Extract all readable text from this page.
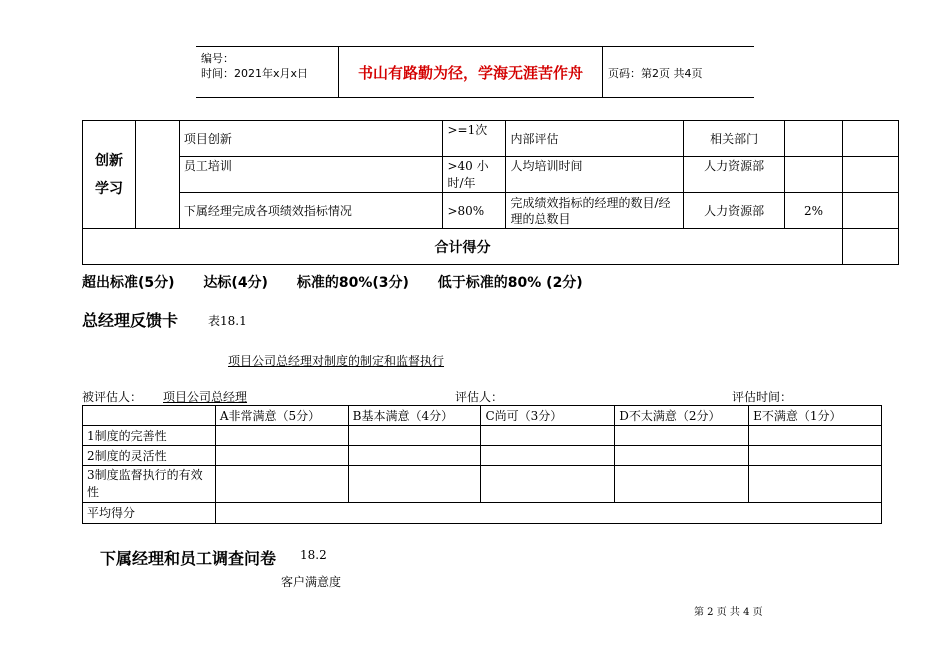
编号：
时间：2021年x月x日	书山有路勤为径，学海无涯苦作舟	页码：第2页 共4页
创新

学习		项目创新	>=1次	内部评估	相关部门		
		员工培训	>40 小时/年	人均培训时间	人力资源部		
		下属经理完成各项绩效指标情况	>80%	完成绩效指标的经理的数目/经理的总数目	人力资源部	2%	
合计得分							
超出标准(5分) 达标(4分) 标准的80%(3分) 低于标准的80% (2分)
总经理反馈卡 表18.1
项目公司总经理对制度的制定和监督执行
被评估人： 项目公司总经理	评估人：	评估时间：
	A非常满意（5分）	B基本满意（4分）	C尚可（3分）	D不太满意（2分）	E不满意（1分）
1制度的完善性					
2制度的灵活性					
3制度监督执行的有效性					
平均得分					
下属经理和员工调查问卷 18.2
客户满意度
第 2 页 共 4 页
